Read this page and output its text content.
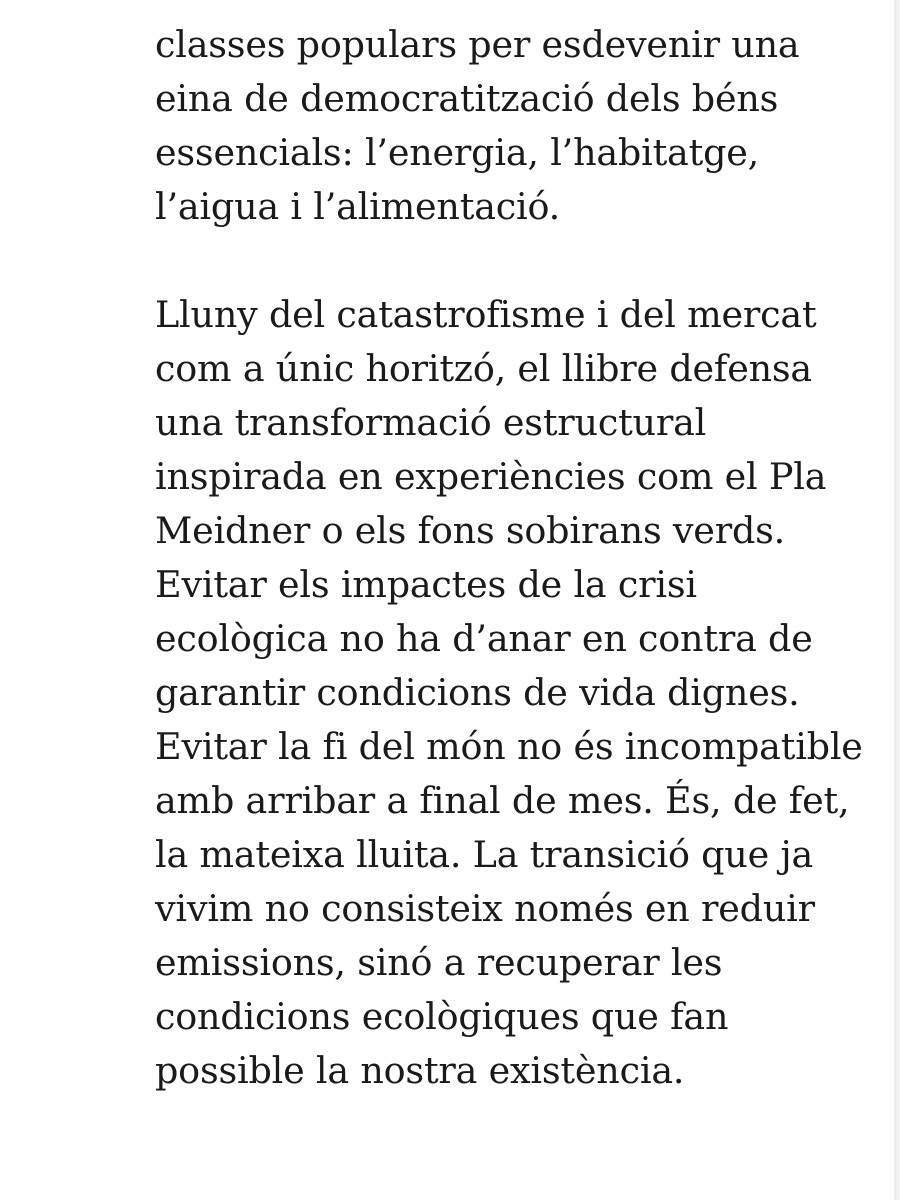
classes populars per esdevenir una
eina de democratització dels béns
essencials: l’energia, l’habitatge,
l’aigua i l’alimentació.

Lluny del catastrofisme i del mercat
com a únic horitzó, el llibre defensa
una transformació estructural
inspirada en experiències com el Pla
Meidner o els fons sobirans verds.
Evitar els impactes de la crisi
ecològica no ha d’anar en contra de
garantir condicions de vida dignes.
Evitar la fi del món no és incompatible
amb arribar a final de mes. És, de fet,
la mateixa lluita. La transició que ja
vivim no consisteix només en reduir
emissions, sinó a recuperar les
condicions ecològiques que fan
possible la nostra existència.
